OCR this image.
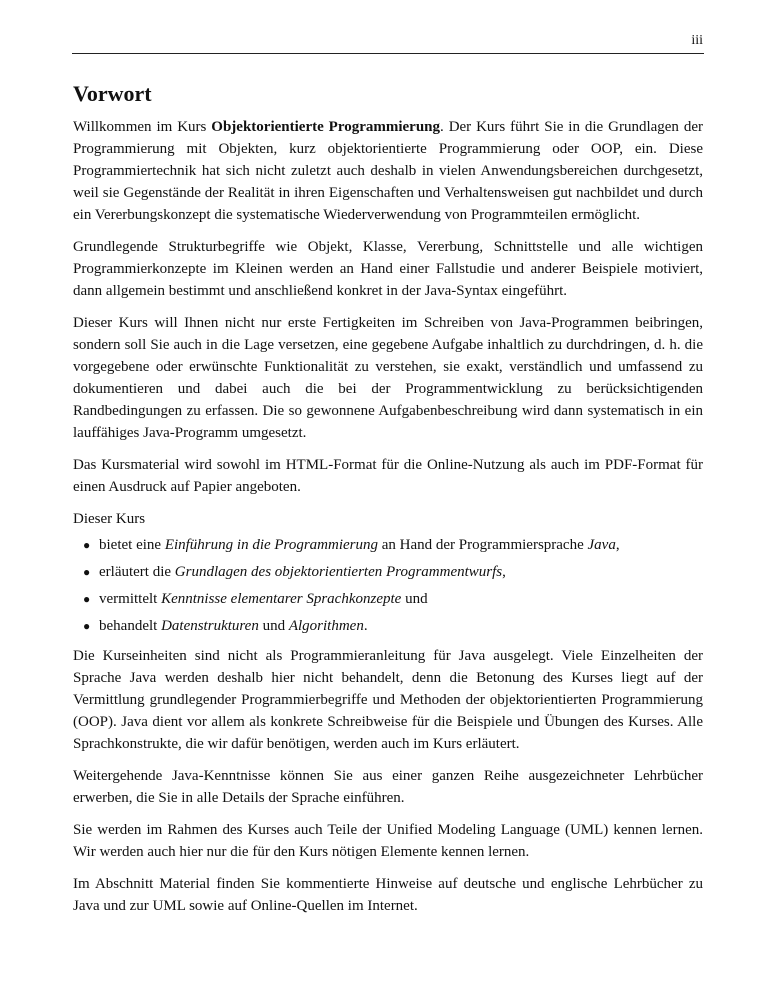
iii
Vorwort

Willkommen im Kurs Objektorientierte Programmierung. Der Kurs führt Sie in die Grundlagen der Programmierung mit Objekten, kurz objektorientierte Programmierung oder OOP, ein. Diese Programmiertechnik hat sich nicht zuletzt auch deshalb in vielen Anwendungsbereichen durchgesetzt, weil sie Gegenstände der Realität in ihren Eigenschaften und Verhaltensweisen gut nachbildet und durch ein Vererbungskonzept die systematische Wiederverwendung von Programmteilen ermöglicht.

Grundlegende Strukturbegriffe wie Objekt, Klasse, Vererbung, Schnittstelle und alle wichtigen Programmierkonzepte im Kleinen werden an Hand einer Fallstudie und anderer Beispiele motiviert, dann allgemein bestimmt und anschließend konkret in der Java-Syntax eingeführt.

Dieser Kurs will Ihnen nicht nur erste Fertigkeiten im Schreiben von Java-Programmen beibringen, sondern soll Sie auch in die Lage versetzen, eine gegebene Aufgabe inhaltlich zu durchdringen, d. h. die vorgegebene oder erwünschte Funktionalität zu verstehen, sie exakt, verständlich und umfassend zu dokumentieren und dabei auch die bei der Programmentwicklung zu berücksichtigenden Randbedingungen zu erfassen. Die so gewonnene Aufgabenbeschreibung wird dann systematisch in ein lauffähiges Java-Programm umgesetzt.

Das Kursmaterial wird sowohl im HTML-Format für die Online-Nutzung als auch im PDF-Format für einen Ausdruck auf Papier angeboten.

Dieser Kurs

● bietet eine Einführung in die Programmierung an Hand der Programmiersprache Java,
● erläutert die Grundlagen des objektorientierten Programmentwurfs,
● vermittelt Kenntnisse elementarer Sprachkonzepte und
● behandelt Datenstrukturen und Algorithmen.

Die Kurseinheiten sind nicht als Programmieranleitung für Java ausgelegt. Viele Einzelheiten der Sprache Java werden deshalb hier nicht behandelt, denn die Betonung des Kurses liegt auf der Vermittlung grundlegender Programmierbegriffe und Methoden der objektorientierten Programmierung (OOP). Java dient vor allem als konkrete Schreibweise für die Beispiele und Übungen des Kurses. Alle Sprachkonstrukte, die wir dafür benötigen, werden auch im Kurs erläutert.

Weitergehende Java-Kenntnisse können Sie aus einer ganzen Reihe ausgezeichneter Lehrbücher erwerben, die Sie in alle Details der Sprache einführen.

Sie werden im Rahmen des Kurses auch Teile der Unified Modeling Language (UML) kennen lernen. Wir werden auch hier nur die für den Kurs nötigen Elemente kennen lernen.

Im Abschnitt Material finden Sie kommentierte Hinweise auf deutsche und englische Lehrbücher zu Java und zur UML sowie auf Online-Quellen im Internet.
